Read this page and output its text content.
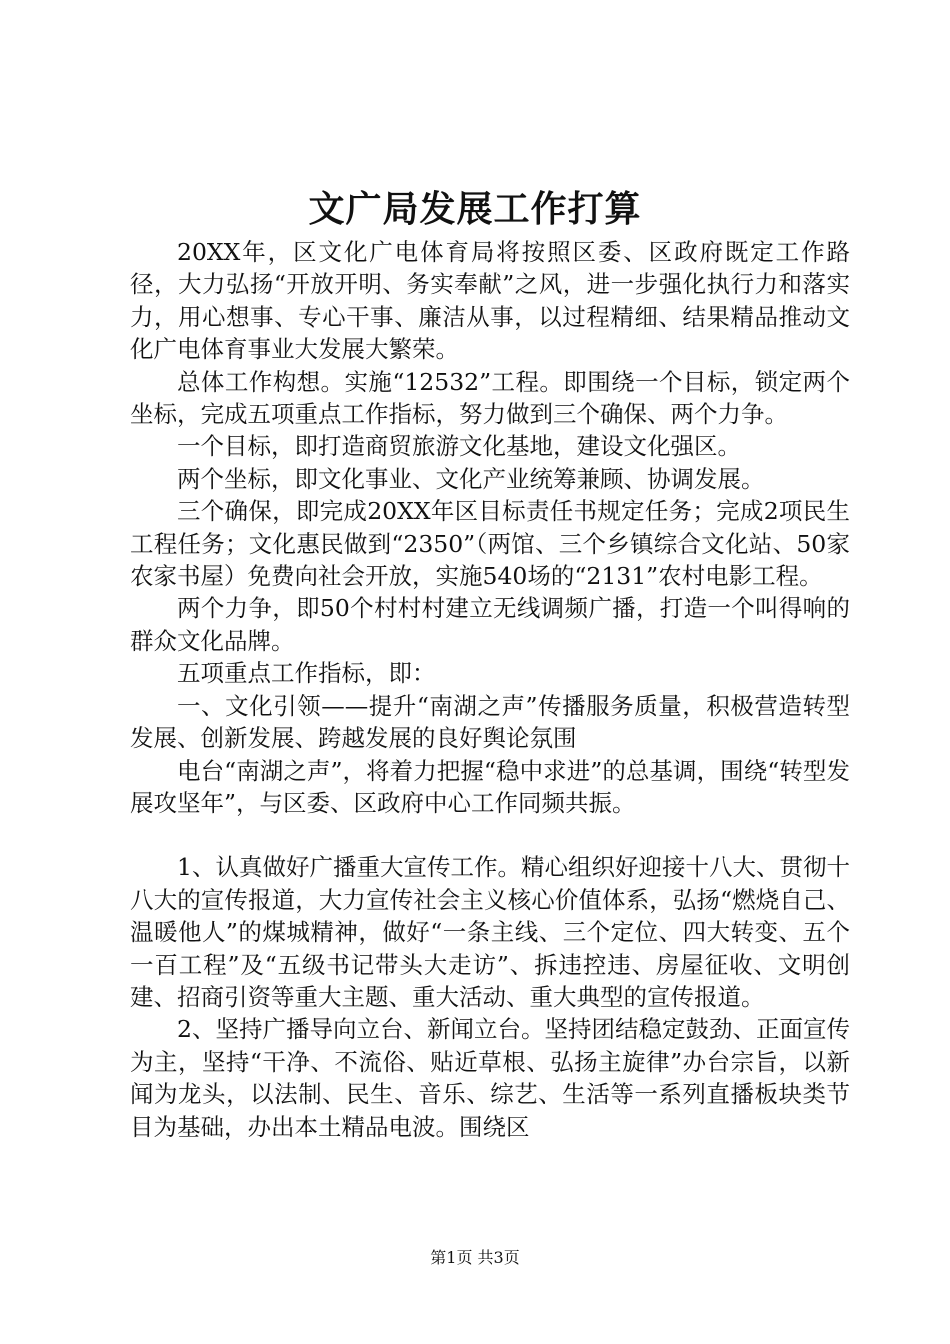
文广局发展工作打算

20XX年，区文化广电体育局将按照区委、区政府既定工作路径，大力弘扬“开放开明、务实奉献”之风，进一步强化执行力和落实力，用心想事、专心干事、廉洁从事，以过程精细、结果精品推动文化广电体育事业大发展大繁荣。

总体工作构想。实施“12532”工程。即围绕一个目标，锁定两个坐标，完成五项重点工作指标，努力做到三个确保、两个力争。

一个目标，即打造商贸旅游文化基地，建设文化强区。

两个坐标，即文化事业、文化产业统筹兼顾、协调发展。

三个确保，即完成20XX年区目标责任书规定任务；完成2项民生工程任务；文化惠民做到“2350”（两馆、三个乡镇综合文化站、50家农家书屋）免费向社会开放，实施540场的“2131”农村电影工程。

两个力争，即50个村村村建立无线调频广播，打造一个叫得响的群众文化品牌。

五项重点工作指标，即：

一、文化引领——提升“南湖之声”传播服务质量，积极营造转型发展、创新发展、跨越发展的良好舆论氛围

电台“南湖之声”，将着力把握“稳中求进”的总基调，围绕“转型发展攻坚年”，与区委、区政府中心工作同频共振。

1、认真做好广播重大宣传工作。精心组织好迎接十八大、贯彻十八大的宣传报道，大力宣传社会主义核心价值体系，弘扬“燃烧自己、温暖他人”的煤城精神，做好“一条主线、三个定位、四大转变、五个一百工程”及“五级书记带头大走访”、拆违控违、房屋征收、文明创建、招商引资等重大主题、重大活动、重大典型的宣传报道。

2、坚持广播导向立台、新闻立台。坚持团结稳定鼓劲、正面宣传为主，坚持“干净、不流俗、贴近草根、弘扬主旋律”办台宗旨，以新闻为龙头，以法制、民生、音乐、综艺、生活等一系列直播板块类节目为基础，办出本土精品电波。围绕区

第1页 共3页
